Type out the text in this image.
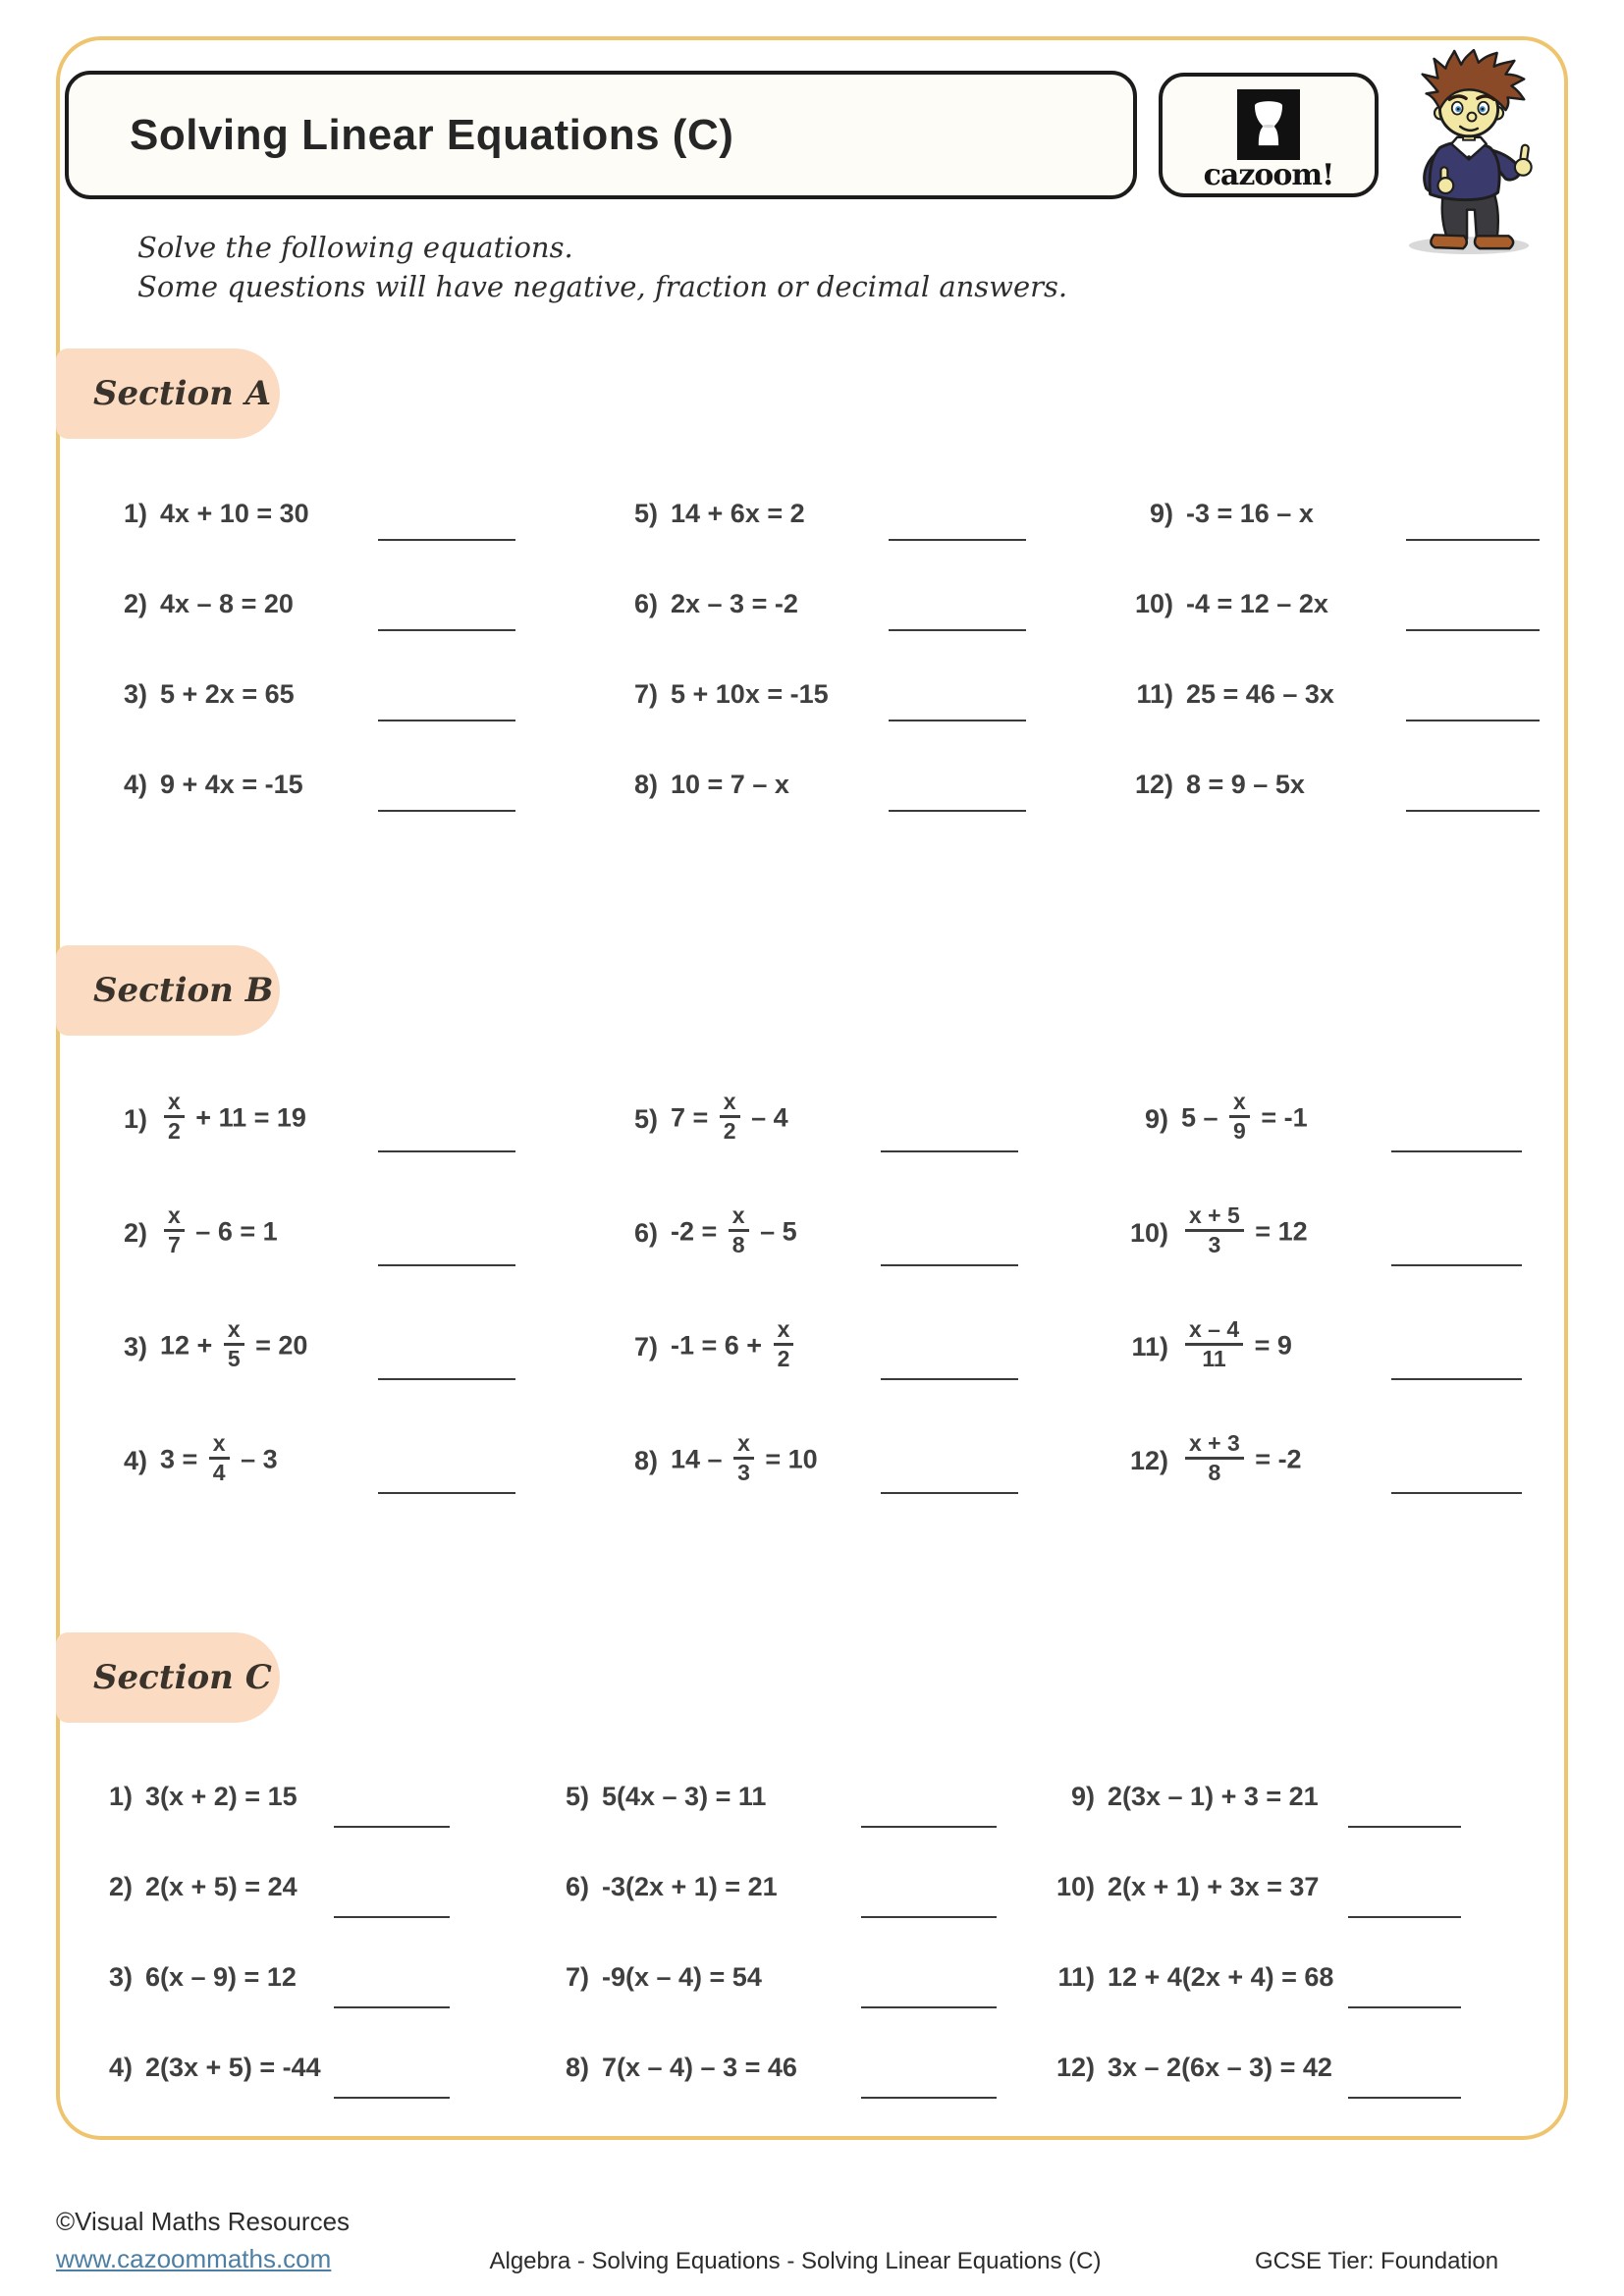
Solving Linear Equations (C)
cazoom!
Solve the following equations.
Some questions will have negative, fraction or decimal answers.
Section A
Section B
Section C
1) 4x + 10 = 30
2) 4x – 8 = 20
3) 5 + 2x = 65
4) 9 + 4x = -15
5) 14 + 6x = 2
6) 2x – 3 = -2
7) 5 + 10x = -15
8) 10 = 7 – x
9) -3 = 16 – x
10) -4 = 12 – 2x
11) 25 = 46 – 3x
12) 8 = 9 – 5x
$1) \frac{x}{2} + 11 = 19$
$2) \frac{x}{7} - 6 = 1$
3) $12 + \frac{x}{5} = 20$
4) $3 = \frac{x}{4} - 3$
5) $7 = \frac{x}{2} - 4$
6) $-2 = \frac{x}{8} - 5$
7) $-1 = 6 + \frac{x}{2}$
8) $14 - \frac{x}{3} = 10$
9) $5 - \frac{x}{9} = -1$
$10) \frac{x + 5}{3} = 12$
$11) \frac{x - 4}{11} = 9$
$12) \frac{x + 3}{8} = -2$
1) 3(x + 2) = 15
2) 2(x + 5) = 24
3) 6(x – 9) = 12
4) 2(3x + 5) = -44
5) 5(4x – 3) = 11
6) -3(2x + 1) = 21
7) -9(x – 4) = 54
8) 7(x – 4) – 3 = 46
9) 2(3x – 1) + 3 = 21
10) 2(x + 1) + 3x = 37
11) 12 + 4(2x + 4) = 68
12) 3x – 2(6x – 3) = 42
©Visual Maths Resources
www.cazoommaths.com	Algebra - Solving Equations - Solving Linear Equations (C)	GCSE Tier: Foundation
